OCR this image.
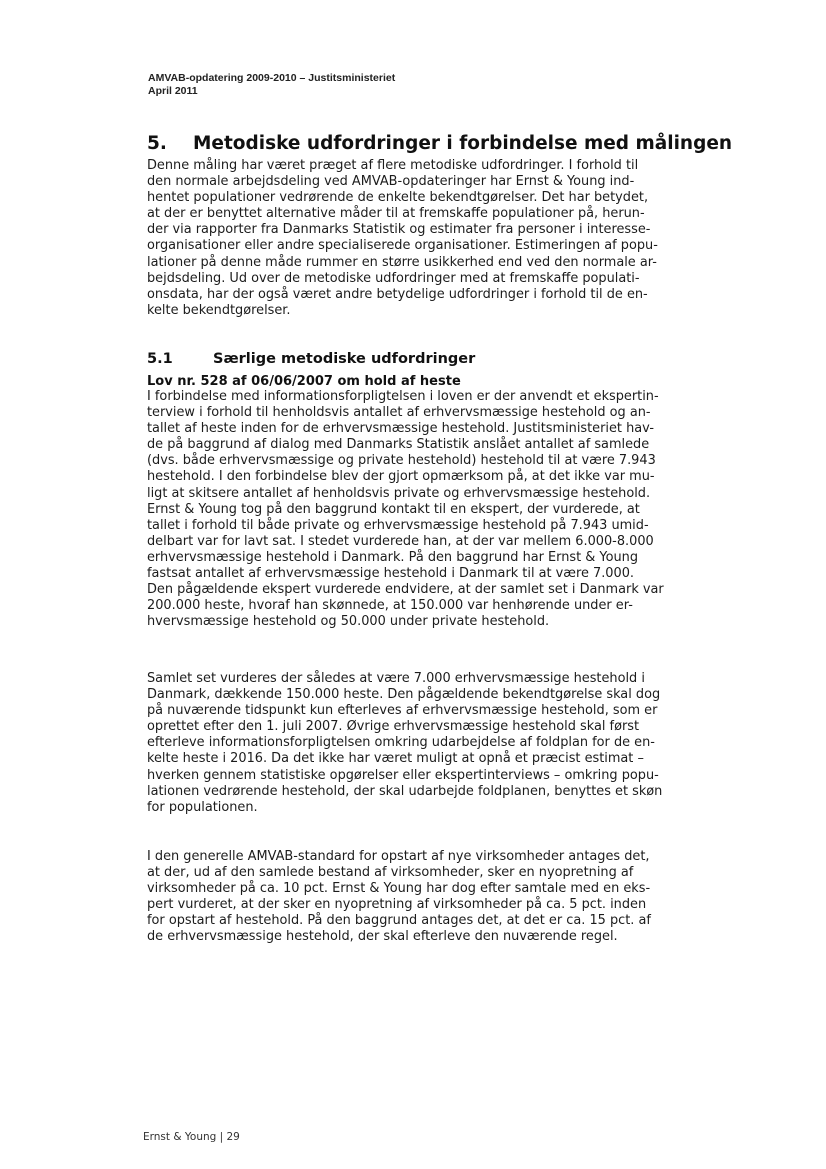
AMVAB-opdatering 2009-2010 – Justitsministeriet
April 2011
5. Metodiske udfordringer i forbindelse med målingen
Denne måling har været præget af flere metodiske udfordringer. I forhold til
den normale arbejdsdeling ved AMVAB-opdateringer har Ernst & Young ind-
hentet populationer vedrørende de enkelte bekendtgørelser. Det har betydet,
at der er benyttet alternative måder til at fremskaffe populationer på, herun-
der via rapporter fra Danmarks Statistik og estimater fra personer i interesse-
organisationer eller andre specialiserede organisationer. Estimeringen af popu-
lationer på denne måde rummer en større usikkerhed end ved den normale ar-
bejdsdeling. Ud over de metodiske udfordringer med at fremskaffe populati-
onsdata, har der også været andre betydelige udfordringer i forhold til de en-
kelte bekendtgørelser.
5.1	Særlige metodiske udfordringer
Lov nr. 528 af 06/06/2007 om hold af heste
I forbindelse med informationsforpligtelsen i loven er der anvendt et ekspertin-
terview i forhold til henholdsvis antallet af erhvervsmæssige hestehold og an-
tallet af heste inden for de erhvervsmæssige hestehold. Justitsministeriet hav-
de på baggrund af dialog med Danmarks Statistik anslået antallet af samlede
(dvs. både erhvervsmæssige og private hestehold) hestehold til at være 7.943
hestehold. I den forbindelse blev der gjort opmærksom på, at det ikke var mu-
ligt at skitsere antallet af henholdsvis private og erhvervsmæssige hestehold.
Ernst & Young tog på den baggrund kontakt til en ekspert, der vurderede, at
tallet i forhold til både private og erhvervsmæssige hestehold på 7.943 umid-
delbart var for lavt sat. I stedet vurderede han, at der var mellem 6.000-8.000
erhvervsmæssige hestehold i Danmark. På den baggrund har Ernst & Young
fastsat antallet af erhvervsmæssige hestehold i Danmark til at være 7.000.
Den pågældende ekspert vurderede endvidere, at der samlet set i Danmark var
200.000 heste, hvoraf han skønnede, at 150.000 var henhørende under er-
hvervsmæssige hestehold og 50.000 under private hestehold.
Samlet set vurderes der således at være 7.000 erhvervsmæssige hestehold i
Danmark, dækkende 150.000 heste. Den pågældende bekendtgørelse skal dog
på nuværende tidspunkt kun efterleves af erhvervsmæssige hestehold, som er
oprettet efter den 1. juli 2007. Øvrige erhvervsmæssige hestehold skal først
efterleve informationsforpligtelsen omkring udarbejdelse af foldplan for de en-
kelte heste i 2016. Da det ikke har været muligt at opnå et præcist estimat –
hverken gennem statistiske opgørelser eller ekspertinterviews – omkring popu-
lationen vedrørende hestehold, der skal udarbejde foldplanen, benyttes et skøn
for populationen.
I den generelle AMVAB-standard for opstart af nye virksomheder antages det,
at der, ud af den samlede bestand af virksomheder, sker en nyopretning af
virksomheder på ca. 10 pct. Ernst & Young har dog efter samtale med en eks-
pert vurderet, at der sker en nyopretning af virksomheder på ca. 5 pct. inden
for opstart af hestehold. På den baggrund antages det, at det er ca. 15 pct. af
de erhvervsmæssige hestehold, der skal efterleve den nuværende regel.
Ernst & Young | 29
